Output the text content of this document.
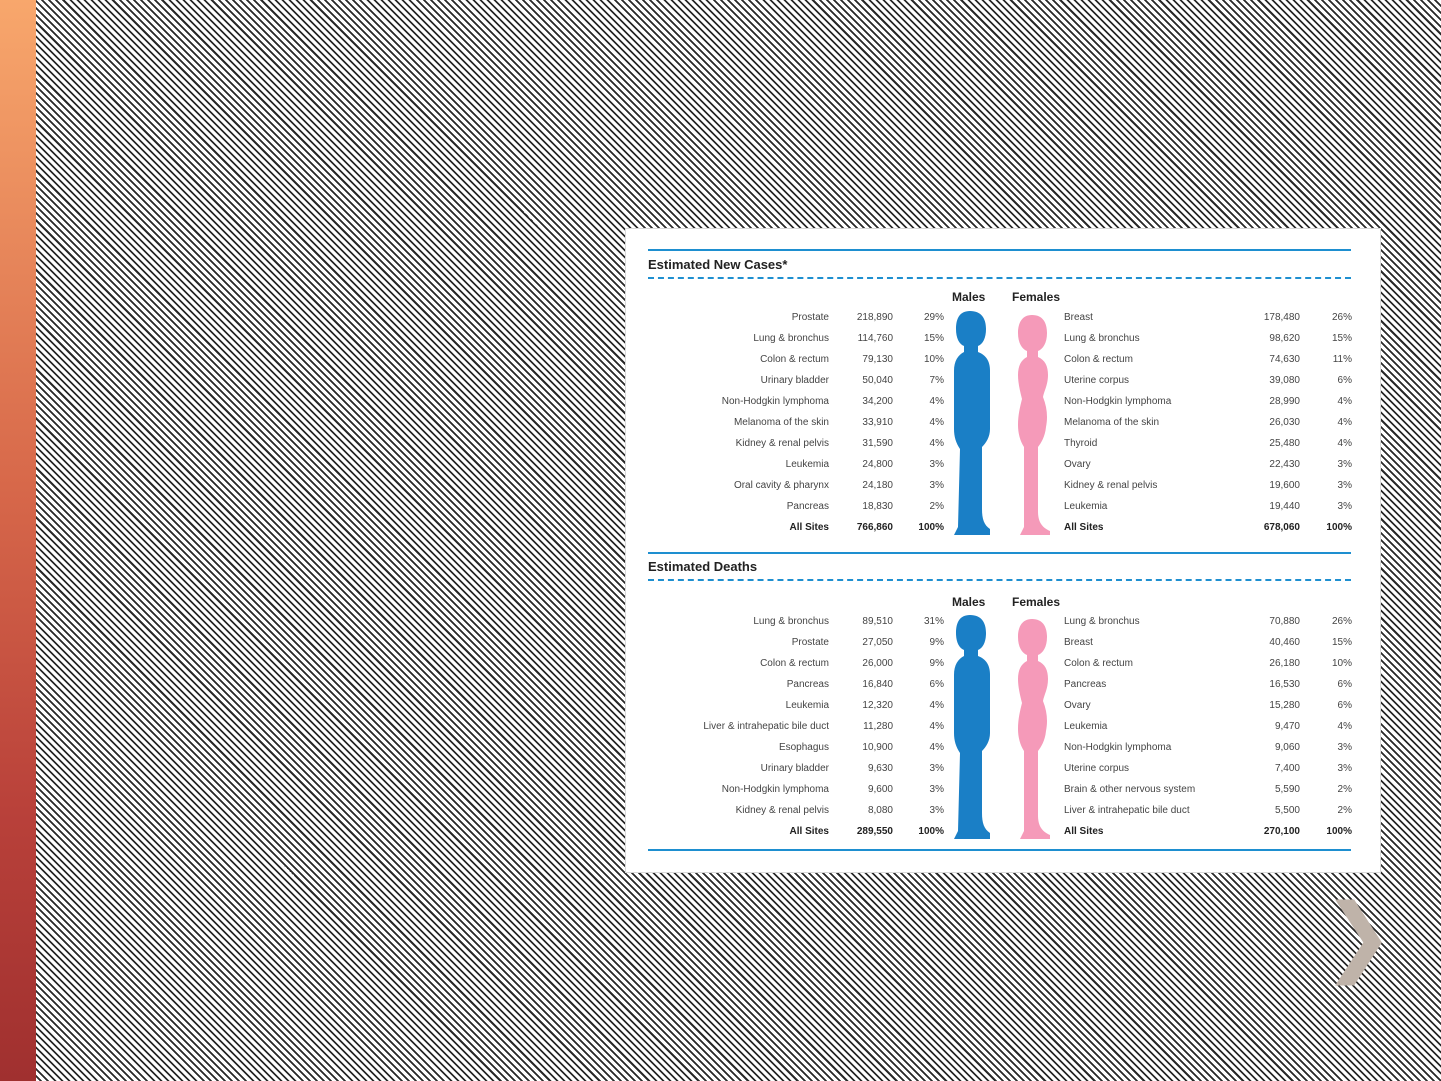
Estimated New Cases*
Males Females
Prostate	218,890	29%	Breast	178,480	26%
Lung & bronchus	114,760	15%	Lung & bronchus	98,620	15%
Colon & rectum	79,130	10%	Colon & rectum	74,630	11%
Urinary bladder	50,040	7%	Uterine corpus	39,080	6%
Non-Hodgkin lymphoma	34,200	4%	Non-Hodgkin lymphoma	28,990	4%
Melanoma of the skin	33,910	4%	Melanoma of the skin	26,030	4%
Kidney & renal pelvis	31,590	4%	Thyroid	25,480	4%
Leukemia	24,800	3%	Ovary	22,430	3%
Oral cavity & pharynx	24,180	3%	Kidney & renal pelvis	19,600	3%
Pancreas	18,830	2%	Leukemia	19,440	3%
All Sites	766,860	100%	All Sites	678,060	100%
Estimated Deaths
Males Females
Lung & bronchus	89,510	31%	Lung & bronchus	70,880	26%
Prostate	27,050	9%	Breast	40,460	15%
Colon & rectum	26,000	9%	Colon & rectum	26,180	10%
Pancreas	16,840	6%	Pancreas	16,530	6%
Leukemia	12,320	4%	Ovary	15,280	6%
Liver & intrahepatic bile duct	11,280	4%	Leukemia	9,470	4%
Esophagus	10,900	4%	Non-Hodgkin lymphoma	9,060	3%
Urinary bladder	9,630	3%	Uterine corpus	7,400	3%
Non-Hodgkin lymphoma	9,600	3%	Brain & other nervous system	5,590	2%
Kidney & renal pelvis	8,080	3%	Liver & intrahepatic bile duct	5,500	2%
All Sites	289,550	100%	All Sites	270,100	100%
❯
